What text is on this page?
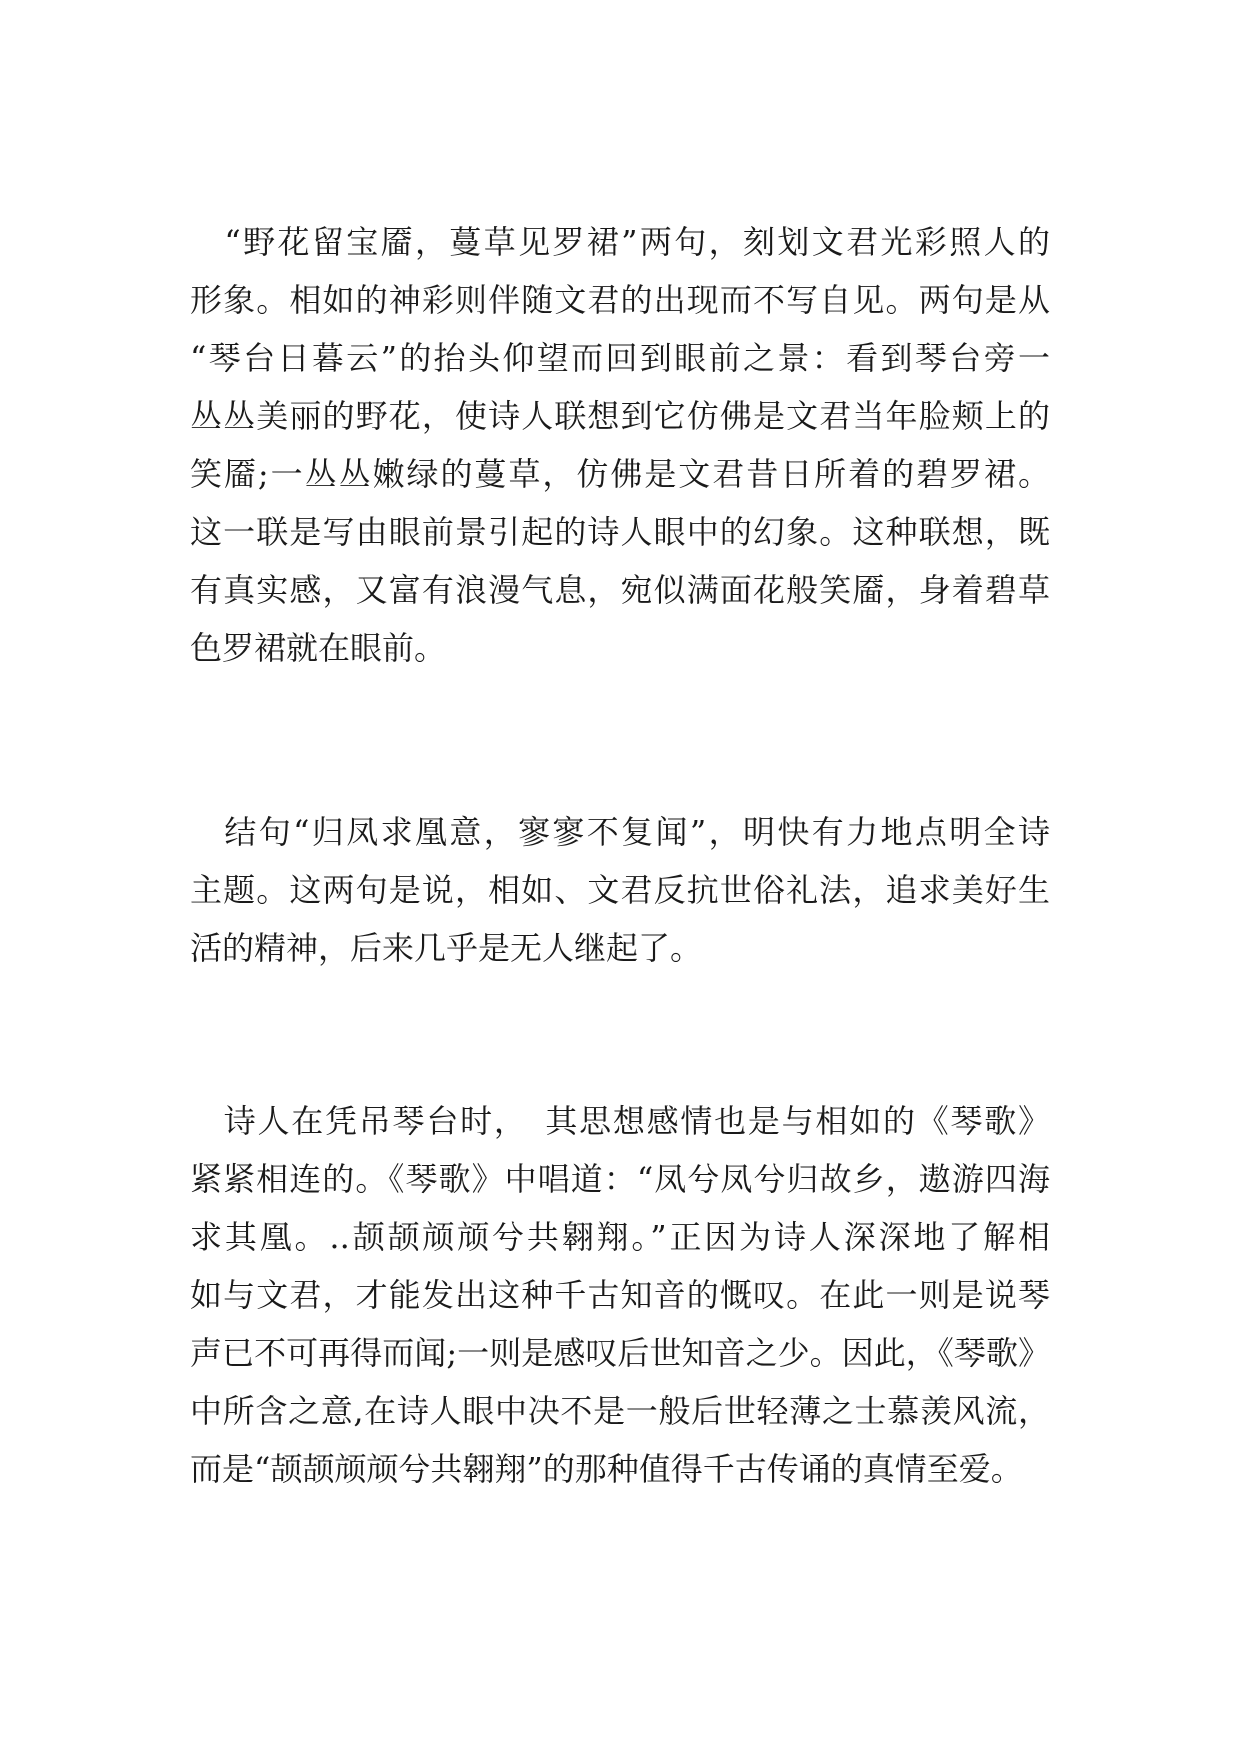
　“野花留宝靥，蔓草见罗裙”两句，刻划文君光彩照人的
形象。相如的神彩则伴随文君的出现而不写自见。两句是从
“琴台日暮云”的抬头仰望而回到眼前之景：看到琴台旁一
丛丛美丽的野花，使诗人联想到它仿佛是文君当年脸颊上的
笑靥;一丛丛嫩绿的蔓草，仿佛是文君昔日所着的碧罗裙。
这一联是写由眼前景引起的诗人眼中的幻象。这种联想，既
有真实感，又富有浪漫气息，宛似满面花般笑靥，身着碧草
色罗裙就在眼前。

　结句“归凤求凰意，寥寥不复闻”，明快有力地点明全诗
主题。这两句是说，相如、文君反抗世俗礼法，追求美好生
活的精神，后来几乎是无人继起了。

　诗人在凭吊琴台时，　其思想感情也是与相如的《琴歌》
紧紧相连的。《琴歌》中唱道：“凤兮凤兮归故乡，遨游四海
求其凰。..颉颉颃颃兮共翱翔。”正因为诗人深深地了解相
如与文君，才能发出这种千古知音的慨叹。在此一则是说琴
声已不可再得而闻;一则是感叹后世知音之少。因此，《琴歌》
中所含之意,在诗人眼中决不是一般后世轻薄之士慕羡风流，
而是“颉颉颃颃兮共翱翔”的那种值得千古传诵的真情至爱。
